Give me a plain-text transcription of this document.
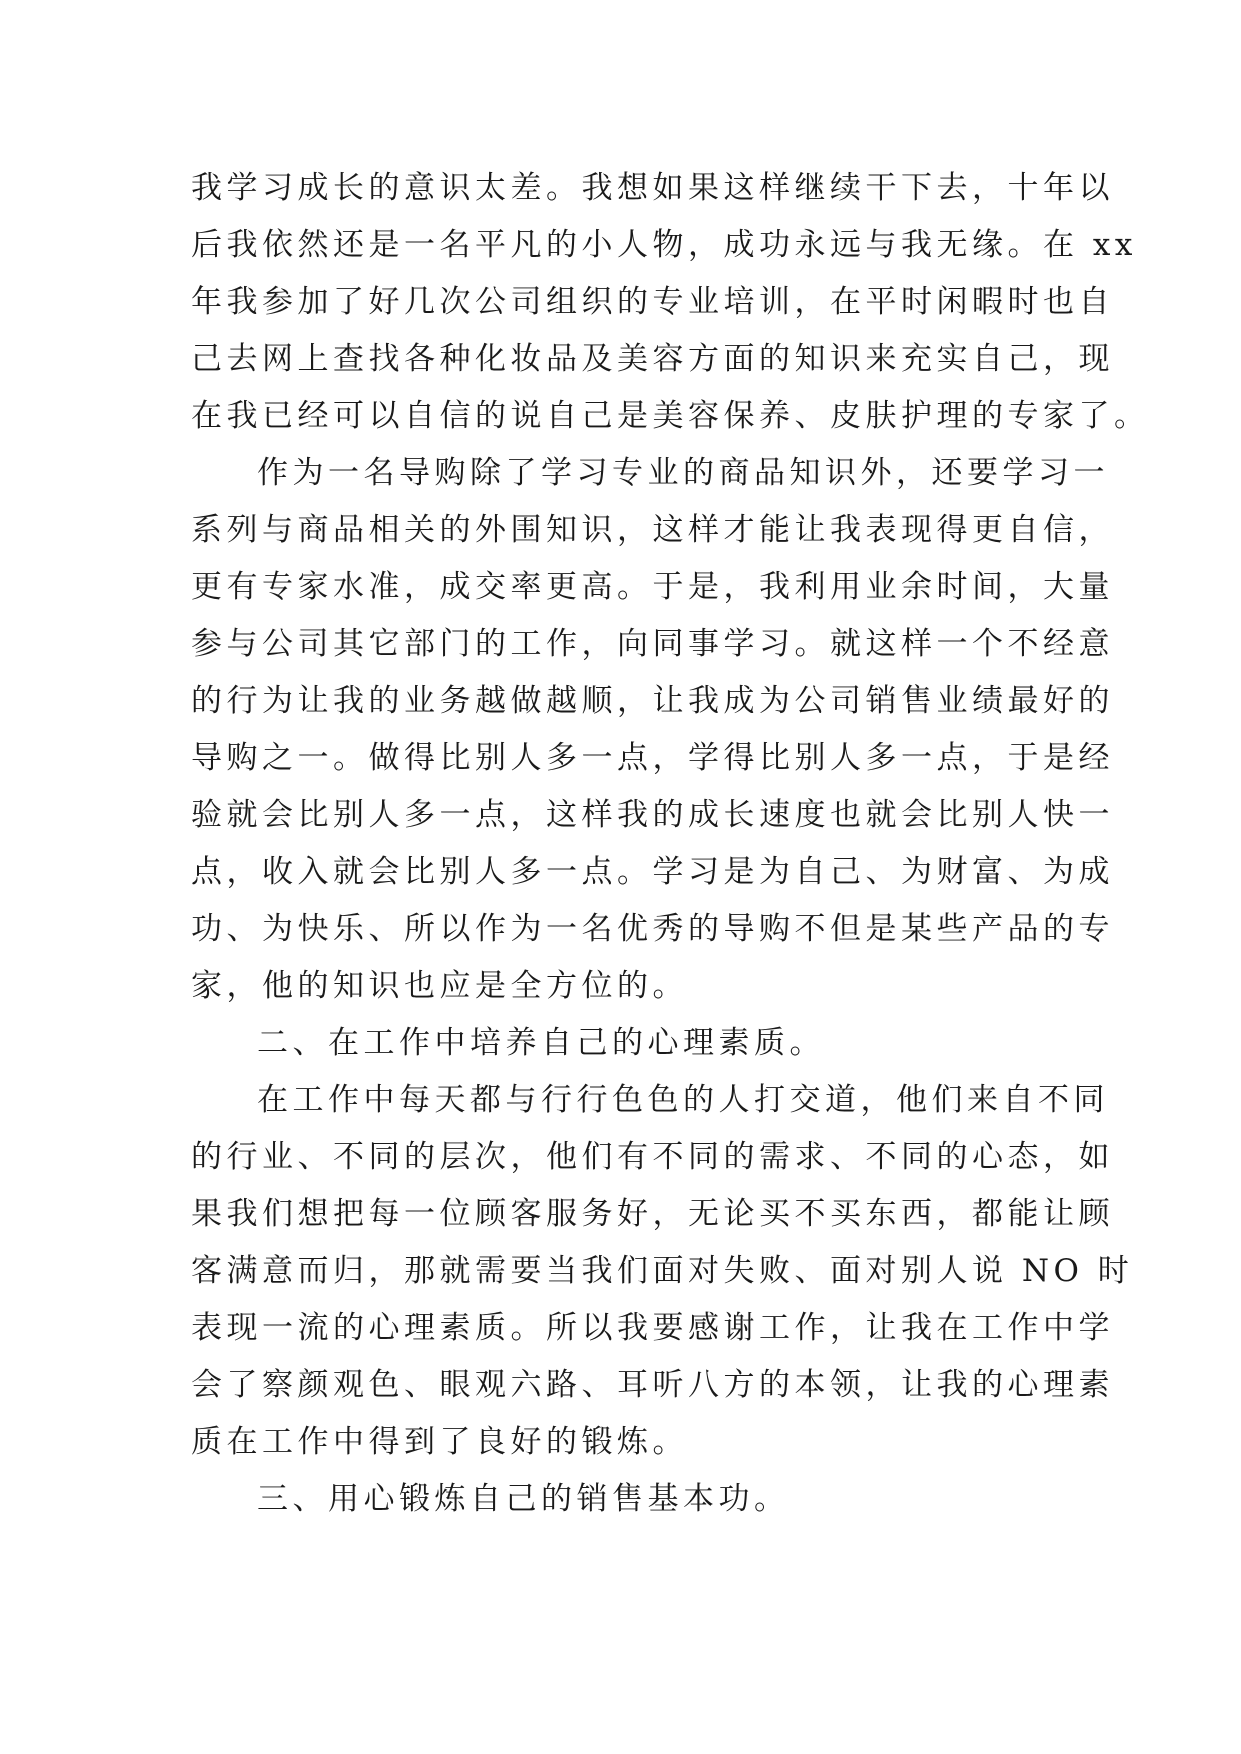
我学习成长的意识太差。我想如果这样继续干下去，十年以
后我依然还是一名平凡的小人物，成功永远与我无缘。在 xx
年我参加了好几次公司组织的专业培训，在平时闲暇时也自
己去网上查找各种化妆品及美容方面的知识来充实自己，现
在我已经可以自信的说自己是美容保养、皮肤护理的专家了。
作为一名导购除了学习专业的商品知识外，还要学习一
系列与商品相关的外围知识，这样才能让我表现得更自信，
更有专家水准，成交率更高。于是，我利用业余时间，大量
参与公司其它部门的工作，向同事学习。就这样一个不经意
的行为让我的业务越做越顺，让我成为公司销售业绩最好的
导购之一。做得比别人多一点，学得比别人多一点，于是经
验就会比别人多一点，这样我的成长速度也就会比别人快一
点，收入就会比别人多一点。学习是为自己、为财富、为成
功、为快乐、所以作为一名优秀的导购不但是某些产品的专
家，他的知识也应是全方位的。
二、在工作中培养自己的心理素质。
在工作中每天都与行行色色的人打交道，他们来自不同
的行业、不同的层次，他们有不同的需求、不同的心态，如
果我们想把每一位顾客服务好，无论买不买东西，都能让顾
客满意而归，那就需要当我们面对失败、面对别人说 NO 时
表现一流的心理素质。所以我要感谢工作，让我在工作中学
会了察颜观色、眼观六路、耳听八方的本领，让我的心理素
质在工作中得到了良好的锻炼。
三、用心锻炼自己的销售基本功。
